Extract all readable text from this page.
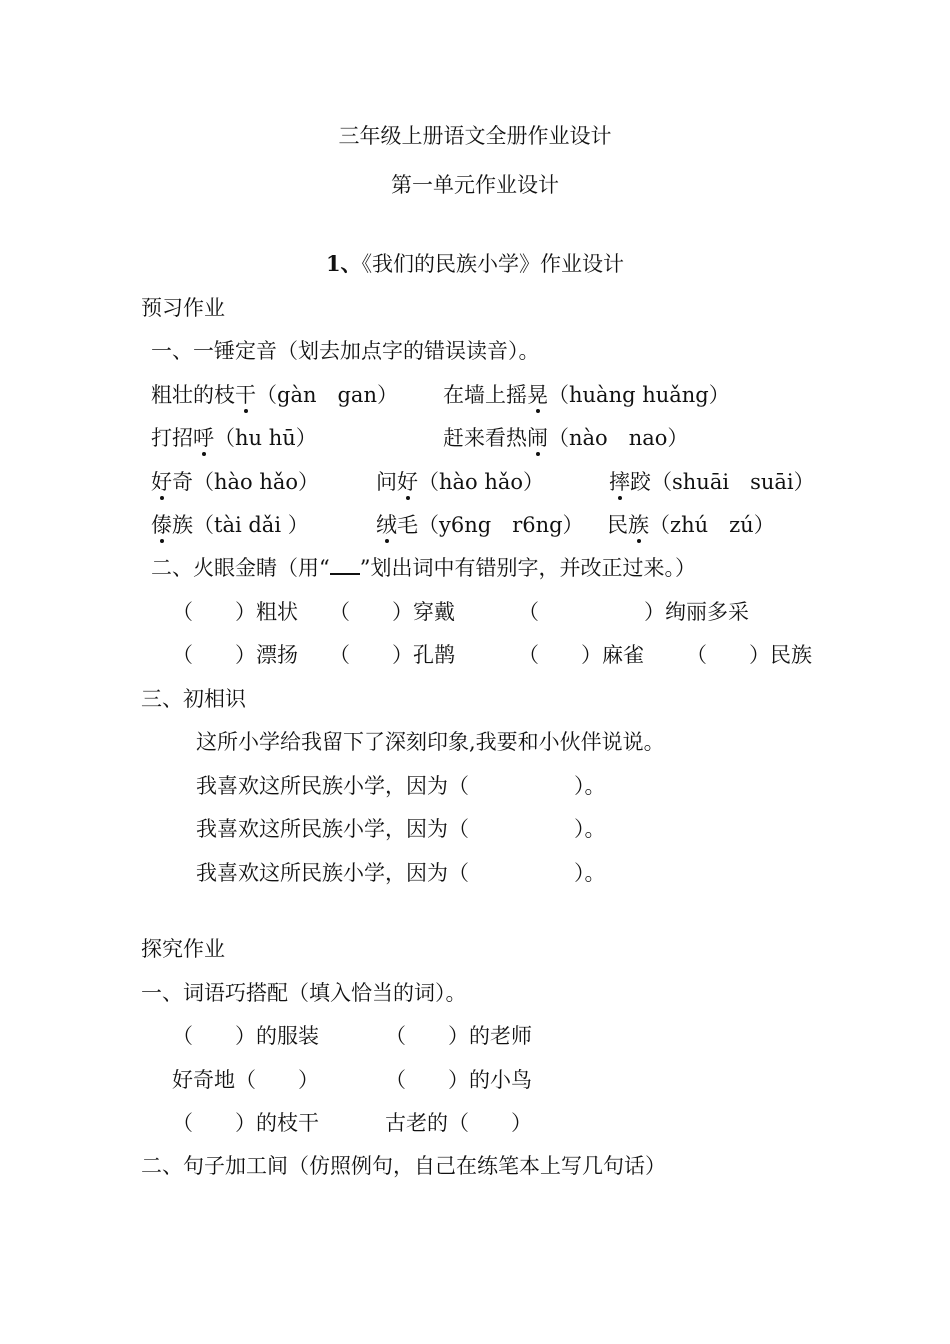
三年级上册语文全册作业设计
第一单元作业设计
1、《我们的民族小学》作业设计
预习作业
一、一锤定音（划去加点字的错误读音）。
粗壮的枝干（gàn　gan） 在墙上摇晃（huàng huǎng）
打招呼（hu hū）	赶来看热闹（nào　nao）
好奇（hào hǎo）	问好（hào hǎo）	摔跤（shuāi　suāi）
傣族（tài dǎi ）	绒毛（y6ng　r6ng） 民族（zhú　zú）
二、火眼金睛（用“ ”划出词中有错别字，并改正过来。）
（　　）粗状 （　　）穿戴	（　　　　　）绚丽多采
（　　）漂扬 （　　）孔鹊	（　　）麻雀 （　　）民族
三、初相识
这所小学给我留下了深刻印象,我要和小伙伴说说。
我喜欢这所民族小学，因为（　　　　　）。
我喜欢这所民族小学，因为（　　　　　）。
我喜欢这所民族小学，因为（　　　　　）。
探究作业
一、词语巧搭配（填入恰当的词）。
（　　）的服装	（　　）的老师
好奇地（　　）	（　　）的小鸟
（　　）的枝干	古老的（　　）
二、句子加工间（仿照例句，自己在练笔本上写几句话）
